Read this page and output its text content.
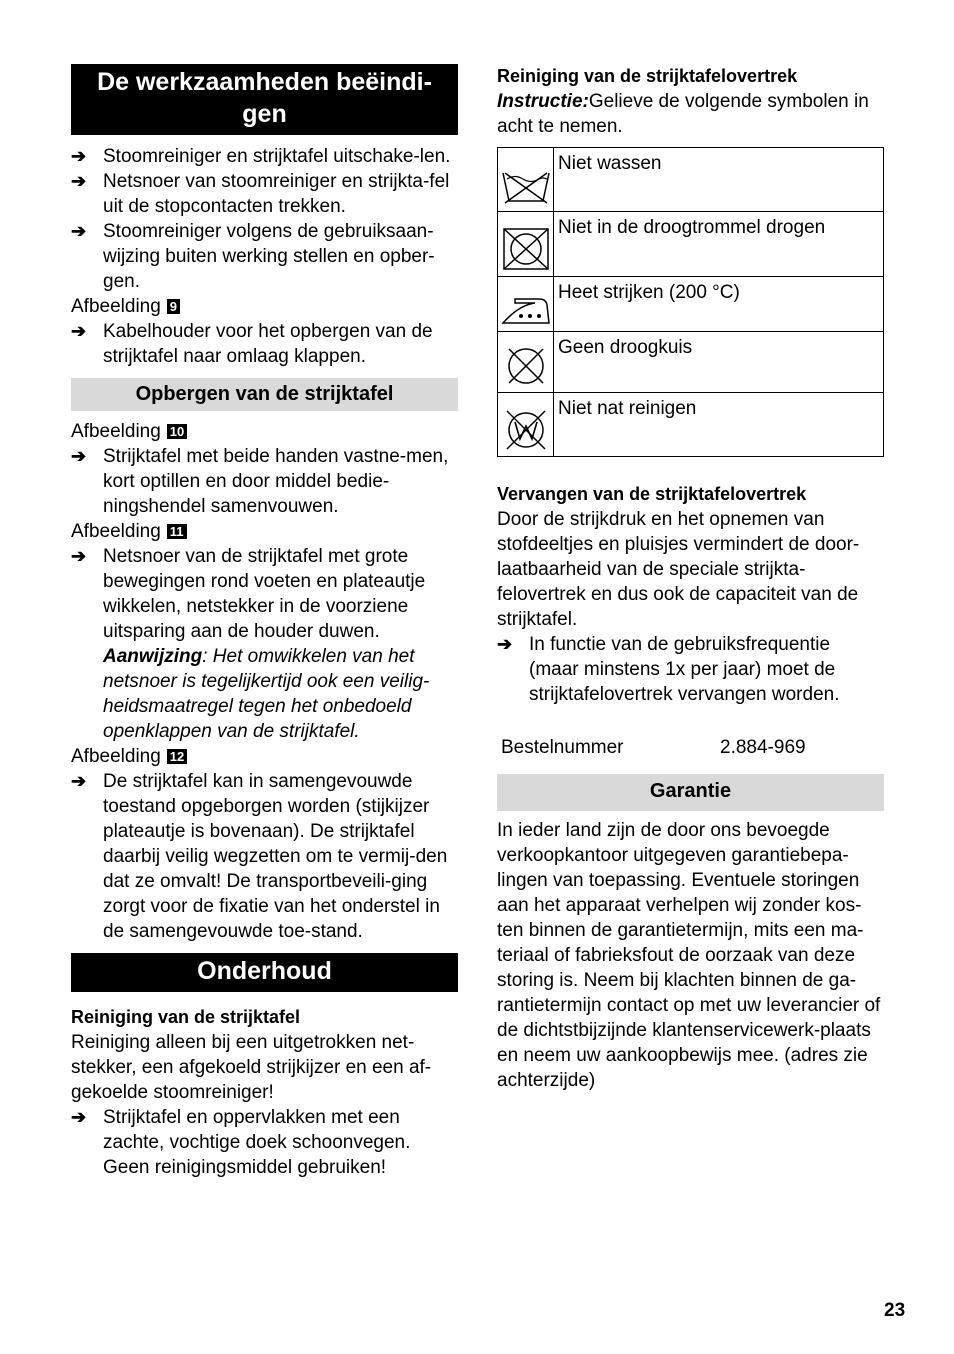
De werkzaamheden beëindi-gen
➔ Stoomreiniger en strijktafel uitschake-len.
➔ Netsnoer van stoomreiniger en strijkta-fel uit de stopcontacten trekken.
➔ Stoomreiniger volgens de gebruiksaan-wijzing buiten werking stellen en opber-gen.

Afbeelding 9

➔ Kabelhouder voor het opbergen van de strijktafel naar omlaag klappen.
Opbergen van de strijktafel

Afbeelding 10

➔ Strijktafel met beide handen vastne-men, kort optillen en door middel bedie-ningshendel samenvouwen.

Afbeelding 11

➔ Netsnoer van de strijktafel met grote bewegingen rond voeten en plateautje wikkelen, netstekker in de voorziene uitsparing aan de houder duwen.

Aanwijzing: Het omwikkelen van het netsnoer is tegelijkertijd ook een veilig-heidsmaatregel tegen het onbedoeld openklappen van de strijktafel.

Afbeelding 12

➔ De strijktafel kan in samengevouwde toestand opgeborgen worden (stijkijzer plateautje is bovenaan). De strijktafel daarbij veilig wegzetten om te vermij-den dat ze omvalt! De transportbeveili-ging zorgt voor de fixatie van het onderstel in de samengevouwde toe-stand.
Onderhoud

Reiniging van de strijktafel

Reiniging alleen bij een uitgetrokken net-stekker, een afgekoeld strijkijzer en een af-gekoelde stoomreiniger!

➔ Strijktafel en oppervlakken met een zachte, vochtige doek schoonvegen. Geen reinigingsmiddel gebruiken!

Reiniging van de strijktafelovertrek

Instructie:Gelieve de volgende symbolen in acht te nemen.

	Niet wassen

	Niet in de droogtrommel drogen

	Heet strijken (200 °C)

	Geen droogkuis

	Niet nat reinigen

Vervangen van de strijktafelovertrek

Door de strijkdruk en het opnemen van stofdeeltjes en pluisjes vermindert de door-laatbaarheid van de speciale strijkta-felovertrek en dus ook de capaciteit van de strijktafel.

➔ In functie van de gebruiksfrequentie (maar minstens 1x per jaar) moet de strijktafelovertrek vervangen worden.
Bestelnummer	2.884-969
Garantie

In ieder land zijn de door ons bevoegde verkoopkantoor uitgegeven garantiebepa-lingen van toepassing. Eventuele storingen aan het apparaat verhelpen wij zonder kos-ten binnen de garantietermijn, mits een ma-teriaal of fabrieksfout de oorzaak van deze storing is. Neem bij klachten binnen de ga-rantietermijn contact op met uw leverancier of de dichtstbijzijnde klantenservicewerk-plaats en neem uw aankoopbewijs mee. (adres zie achterzijde)

23
